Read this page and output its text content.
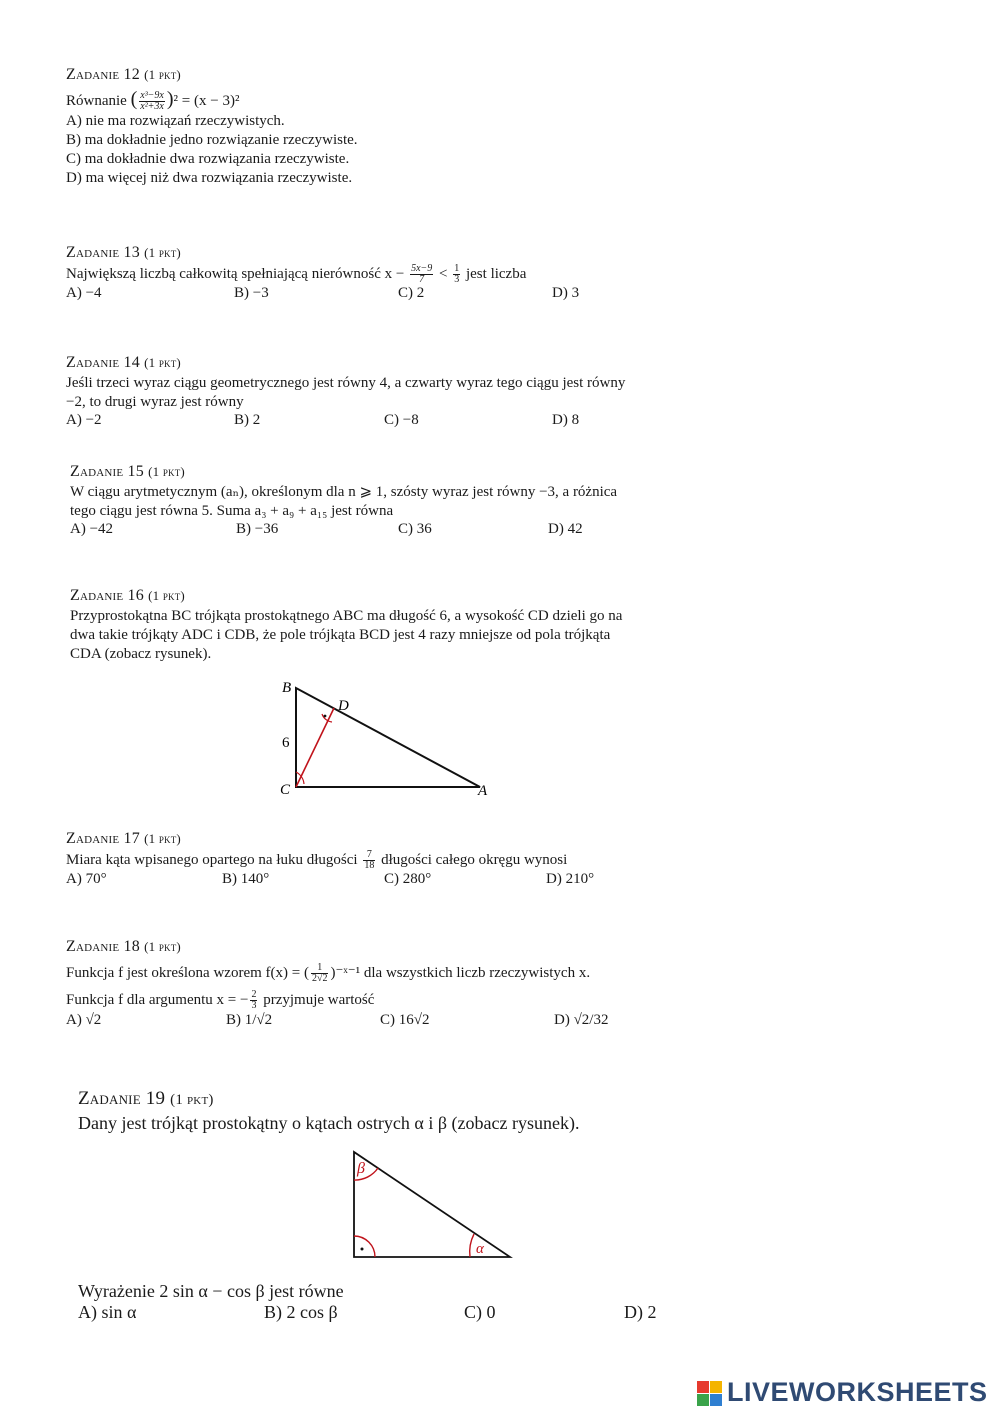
Zadanie 12 (1 pkt)
Równanie ( $\frac{\text{x³−9x}}{\text{x²+3x}} )^2 = (x - 3)^2$
A) nie ma rozwiązań rzeczywistych.
B) ma dokładnie jedno rozwiązanie rzeczywiste.
C) ma dokładnie dwa rozwiązania rzeczywiste.
D) ma więcej niż dwa rozwiązania rzeczywiste.
Zadanie 13 (1 pkt)
Największą liczbą całkowitą spełniającą nierówność $x - \frac{5x-9}{7} < \frac{1}{3}$ jest liczba
A) −4	B) −3	C) 2	D) 3
Zadanie 14 (1 pkt)
Jeśli trzeci wyraz ciągu geometrycznego jest równy 4, a czwarty wyraz tego ciągu jest równy
−2, to drugi wyraz jest równy
A) −2	B) 2	C) −8	D) 8
Zadanie 15 (1 pkt)
W ciągu arytmetycznym (aₙ), określonym dla n ⩾ 1, szósty wyraz jest równy −3, a różnica
tego ciągu jest równa 5. Suma a₃ + a₉ + a₁₅ jest równa
A) −42	B) −36	C) 36	D) 42
Zadanie 16 (1 pkt)
Przyprostokątna BC trójkąta prostokątnego ABC ma długość 6, a wysokość CD dzieli go na
dwa takie trójkąty ADC i CDB, że pole trójkąta BCD jest 4 razy mniejsze od pola trójkąta
CDA (zobacz rysunek).
B
D
C	A
6
Zadanie 17 (1 pkt)
Miara kąta wpisanego opartego na łuku długości $\frac{7}{18}$ długości całego okręgu wynosi
A) 70°	B) 140°	C) 280°	D) 210°
Zadanie 18 (1 pkt)
Funkcja f jest określona wzorem f(x) = ( $\frac{1}{2√2}$ )⁻ˣ⁻¹ dla wszystkich liczb rzeczywistych x.
Funkcja f dla argumentu x = − $\frac{2}{3}$ przyjmuje wartość
A) √2	B) 1/√2	C) 16√2	D) √2/32
Zadanie 19 (1 pkt)
Dany jest trójkąt prostokątny o kątach ostrych α i β (zobacz rysunek).
β
α
Wyrażenie 2 sin α − cos β jest równe
A) sin α	B) 2 cos β	C) 0	D) 2
LIVEWORKSHEETS
